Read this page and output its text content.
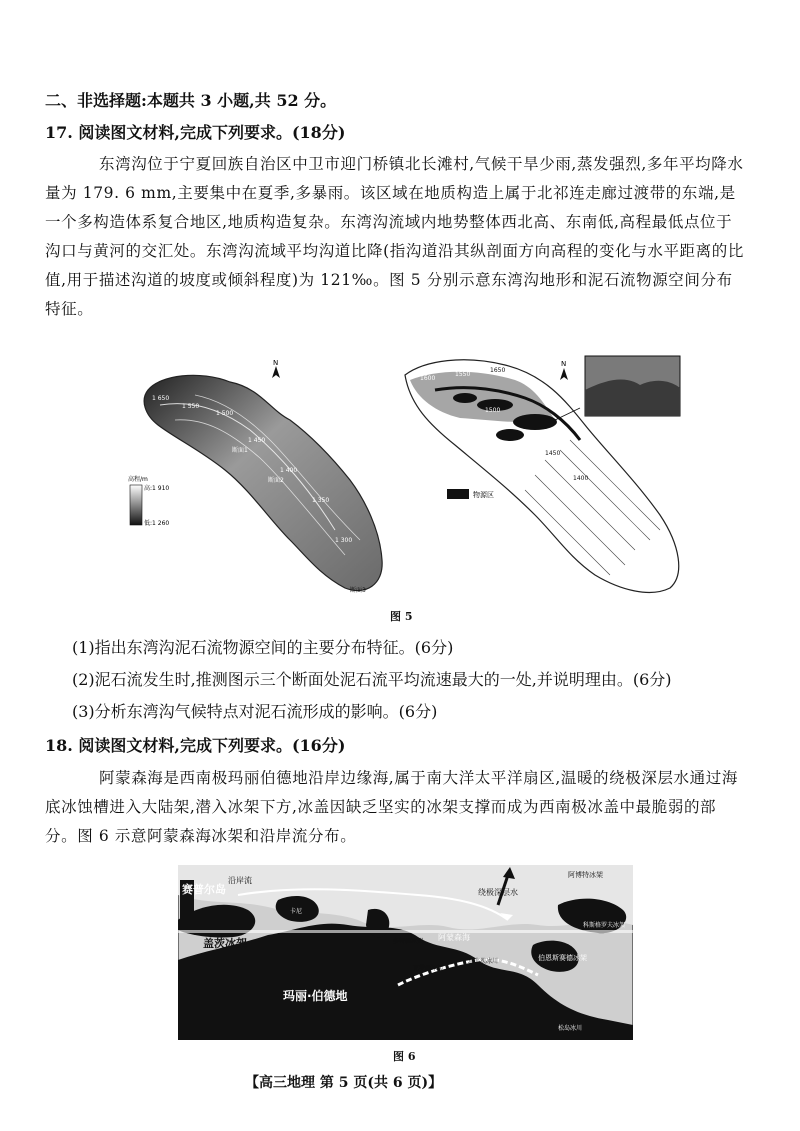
二、非选择题:本题共 3 小题,共 52 分。
17. 阅读图文材料,完成下列要求。(18分)
东湾沟位于宁夏回族自治区中卫市迎门桥镇北长滩村,气候干旱少雨,蒸发强烈,多年平均降水量为 179. 6 mm,主要集中在夏季,多暴雨。该区域在地质构造上属于北祁连走廊过渡带的东端,是一个多构造体系复合地区,地质构造复杂。东湾沟流域内地势整体西北高、东南低,高程最低点位于沟口与黄河的交汇处。东湾沟流域平均沟道比降(指沟道沿其纵剖面方向高程的变化与水平距离的比值,用于描述沟道的坡度或倾斜程度)为 121‰。图 5 分别示意东湾沟地形和泥石流物源空间分布特征。
1 650
1 550
1 500
1 450
1 400
1 350
1 300
断面1
断面2
断面3
N
高程/m
高:1 910
低:1 260
1600
1550
1650
1500
1450
1400
N
物源区
图 5
(1)指出东湾沟泥石流物源空间的主要分布特征。(6分)
(2)泥石流发生时,推测图示三个断面处泥石流平均流速最大的一处,并说明理由。(6分)
(3)分析东湾沟气候特点对泥石流形成的影响。(6分)
18. 阅读图文材料,完成下列要求。(16分)
阿蒙森海是西南极玛丽伯德地沿岸边缘海,属于南大洋太平洋扇区,温暖的绕极深层水通过海底冰蚀槽进入大陆架,潜入冰架下方,冰盖因缺乏坚实的冰架支撑而成为西南极冰盖中最脆弱的部分。图 6 示意阿蒙森海冰架和沿岸流分布。
赛普尔岛
盖茨冰架
玛丽·伯德地
沿岸流
阿博特冰架
绕极深层水
卡尼
多特森冰架
克罗森冰架
思韦茨冰川
松岛冰川
科斯格罗夫冰架
伯恩斯赛德冰架
阿蒙森海
图 6
【高三地理 第 5 页(共 6 页)】
